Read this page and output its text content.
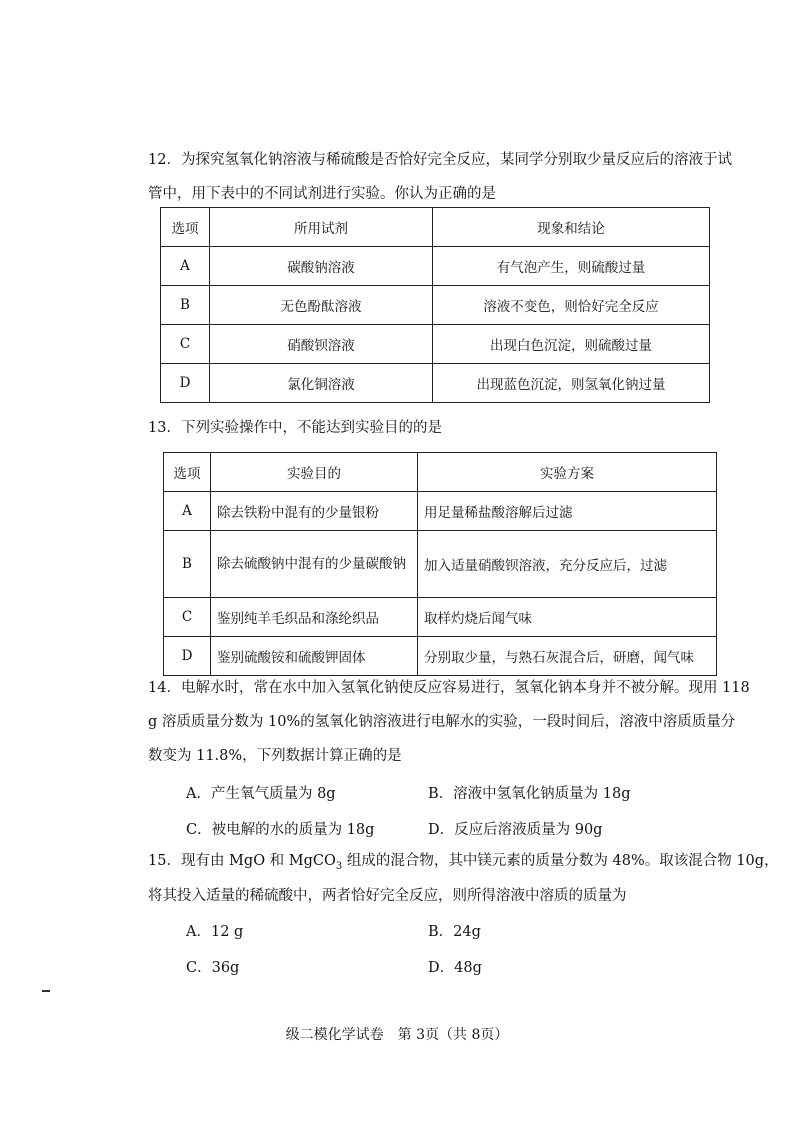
12．为探究氢氧化钠溶液与稀硫酸是否恰好完全反应，某同学分别取少量反应后的溶液于试
管中，用下表中的不同试剂进行实验。你认为正确的是
选项	所用试剂	现象和结论
A	碳酸钠溶液	有气泡产生，则硫酸过量
B	无色酚酞溶液	溶液不变色，则恰好完全反应
C	硝酸钡溶液	出现白色沉淀，则硫酸过量
D	氯化铜溶液	出现蓝色沉淀，则氢氧化钠过量
13．下列实验操作中，不能达到实验目的的是
选项	实验目的	实验方案
A	除去铁粉中混有的少量银粉	用足量稀盐酸溶解后过滤
B	除去硫酸钠中混有的少量碳酸钠	加入适量硝酸钡溶液，充分反应后，过滤
C	鉴别纯羊毛织品和涤纶织品	取样灼烧后闻气味
D	鉴别硫酸铵和硫酸钾固体	分别取少量，与熟石灰混合后，研磨，闻气味
14．电解水时，常在水中加入氢氧化钠使反应容易进行，氢氧化钠本身并不被分解。现用 118
g 溶质质量分数为 10%的氢氧化钠溶液进行电解水的实验，一段时间后，溶液中溶质质量分
数变为 11.8%，下列数据计算正确的是
A．产生氧气质量为 8g	B．溶液中氢氧化钠质量为 18g
C．被电解的水的质量为 18g	D．反应后溶液质量为 90g
15．现有由 MgO 和 MgCO$_3$ 组成的混合物，其中镁元素的质量分数为 48%。取该混合物 10g，
将其投入适量的稀硫酸中，两者恰好完全反应，则所得溶液中溶质的质量为
A．12 g	B．24g
C．36g	D．48g
级二模化学试卷　第 3页（共 8页）
